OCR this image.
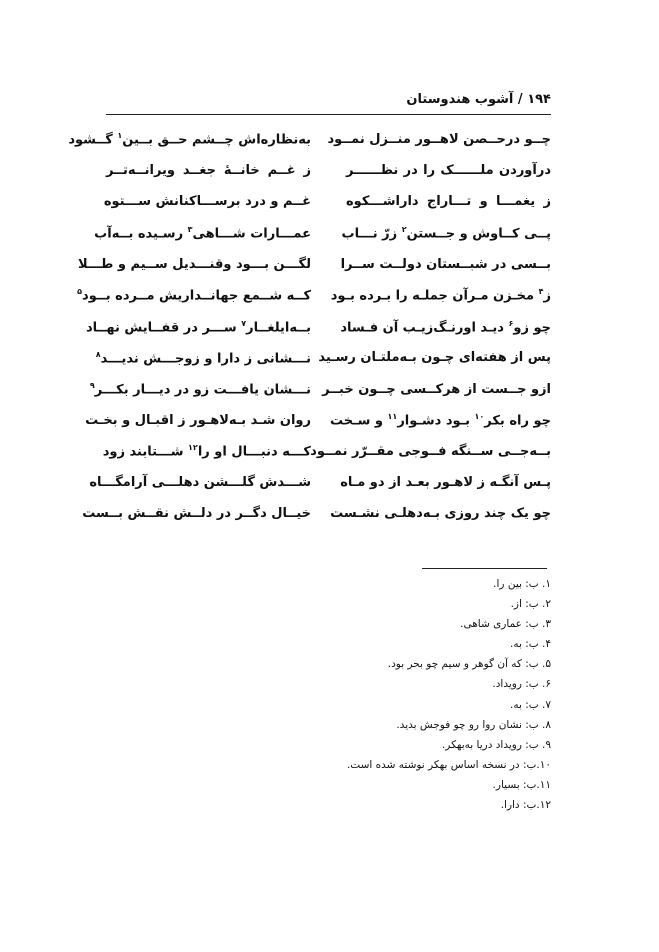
۱۹۴ / آشوب هندوستان
چــو درحــصن لاهــور منــزل نمــود
به‌نظاره‌اش چــشم حــق بــین$^۱$ گــشود
درآوردن ملــــــک را در نظــــــر
ز غــم خانــهٔ جغــد ویرانــه‌تــر
ز یغمـــا و تـــاراج داراشـــکوه
غــم و درد برســـاکنانش ســـتوه
پــی کــاوش و جــستن$^۲$ زرّ نـــاب
عمـــارات شـــاهی$^۳$ رسـیده بــه‌آب
بــسی در شبــستان دولــت ســرا
لگـــن بـــود وقنـــدیل ســیم و طـــلا
ز$^۴$ مخـزن مـرآن جملـه را بـرده بـود
کــه شــمع جهانــداریش مــرده بــود$^۵$
چو زو$^۶$ دیـد اورنـگ‌زیـب آن فـساد
بــه‌ایلغــار$^۷$ ســـر در قفــایش نهــاد
پس از هفته‌ای چـون بـه‌ملتـان رسـید
نـــشانی ز دارا و زوجـــش ندیـــد$^۸$
ازو جــست از هرکــسی چــون خبــر
نـــشان یافـــت زو در دیـــار بکـــر$^۹$
چو راه بکر$^{۱۰}$ بـود دشـوار$^{۱۱}$ و سـخت
روان شـد بـه‌لاهـور ز اقبـال و بخـت
بــه‌جــی ســنگه فــوجی مقــرّر نمــود
کـــه دنبـــال او را$^{۱۲}$ شـــتابند زود
پـس آنگـه ز لاهـور بعـد از دو مـاه
شـــدش گلـــشن دهلـــی آرامگـــاه
چو یک چند روزی بـه‌دهلـی نشـست
خیــال دگــر در دلــش نقــش بــست
۱. ب: بین را.
۲. ب: از.
۳. ب: عماری شاهی.
۴. ب: به.
۵. ب: که آن گوهر و سیم چو بحر بود.
۶. ب: رویداد.
۷. ب: به.
۸. ب: نشان روا رو چو فوجش بدید.
۹. ب: رویداد دریا به‌بهکر.
۱۰.ب: در نسخه اساس بهکر نوشته شده است.
۱۱.ب: بسیار.
۱۲.ب: دارا.
